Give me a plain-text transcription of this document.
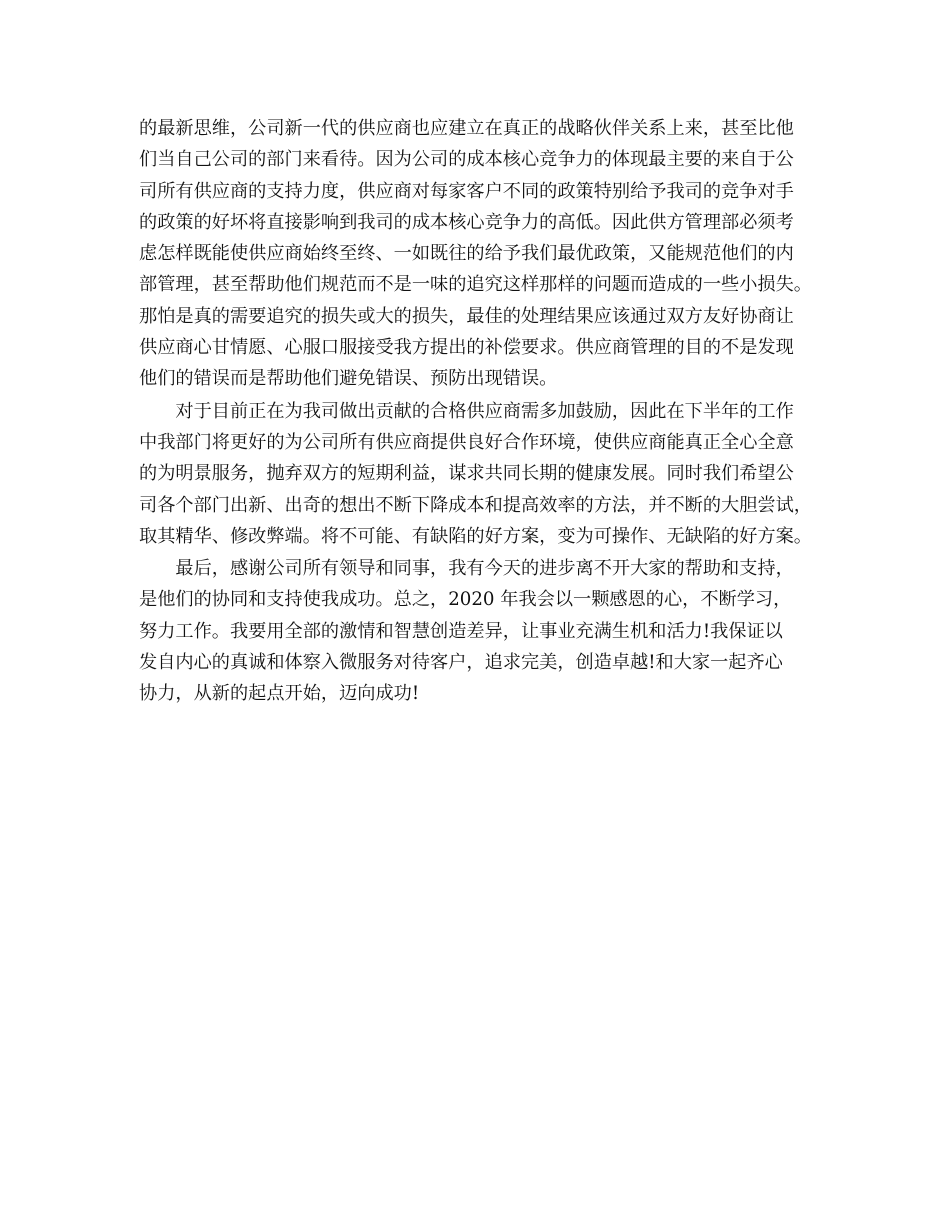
的最新思维，公司新一代的供应商也应建立在真正的战略伙伴关系上来，甚至比他
们当自己公司的部门来看待。因为公司的成本核心竞争力的体现最主要的来自于公
司所有供应商的支持力度，供应商对每家客户不同的政策特别给予我司的竞争对手
的政策的好坏将直接影响到我司的成本核心竞争力的高低。因此供方管理部必须考
虑怎样既能使供应商始终至终、一如既往的给予我们最优政策，又能规范他们的内
部管理，甚至帮助他们规范而不是一味的追究这样那样的问题而造成的一些小损失。
那怕是真的需要追究的损失或大的损失，最佳的处理结果应该通过双方友好协商让
供应商心甘情愿、心服口服接受我方提出的补偿要求。供应商管理的目的不是发现
他们的错误而是帮助他们避免错误、预防出现错误。
　　对于目前正在为我司做出贡献的合格供应商需多加鼓励，因此在下半年的工作
中我部门将更好的为公司所有供应商提供良好合作环境，使供应商能真正全心全意
的为明景服务，抛弃双方的短期利益，谋求共同长期的健康发展。同时我们希望公
司各个部门出新、出奇的想出不断下降成本和提高效率的方法，并不断的大胆尝试，
取其精华、修改弊端。将不可能、有缺陷的好方案，变为可操作、无缺陷的好方案。
　　最后，感谢公司所有领导和同事，我有今天的进步离不开大家的帮助和支持，
是他们的协同和支持使我成功。总之，2020 年我会以一颗感恩的心，不断学习，
努力工作。我要用全部的激情和智慧创造差异，让事业充满生机和活力!我保证以
发自内心的真诚和体察入微服务对待客户，追求完美，创造卓越!和大家一起齐心
协力，从新的起点开始，迈向成功!
